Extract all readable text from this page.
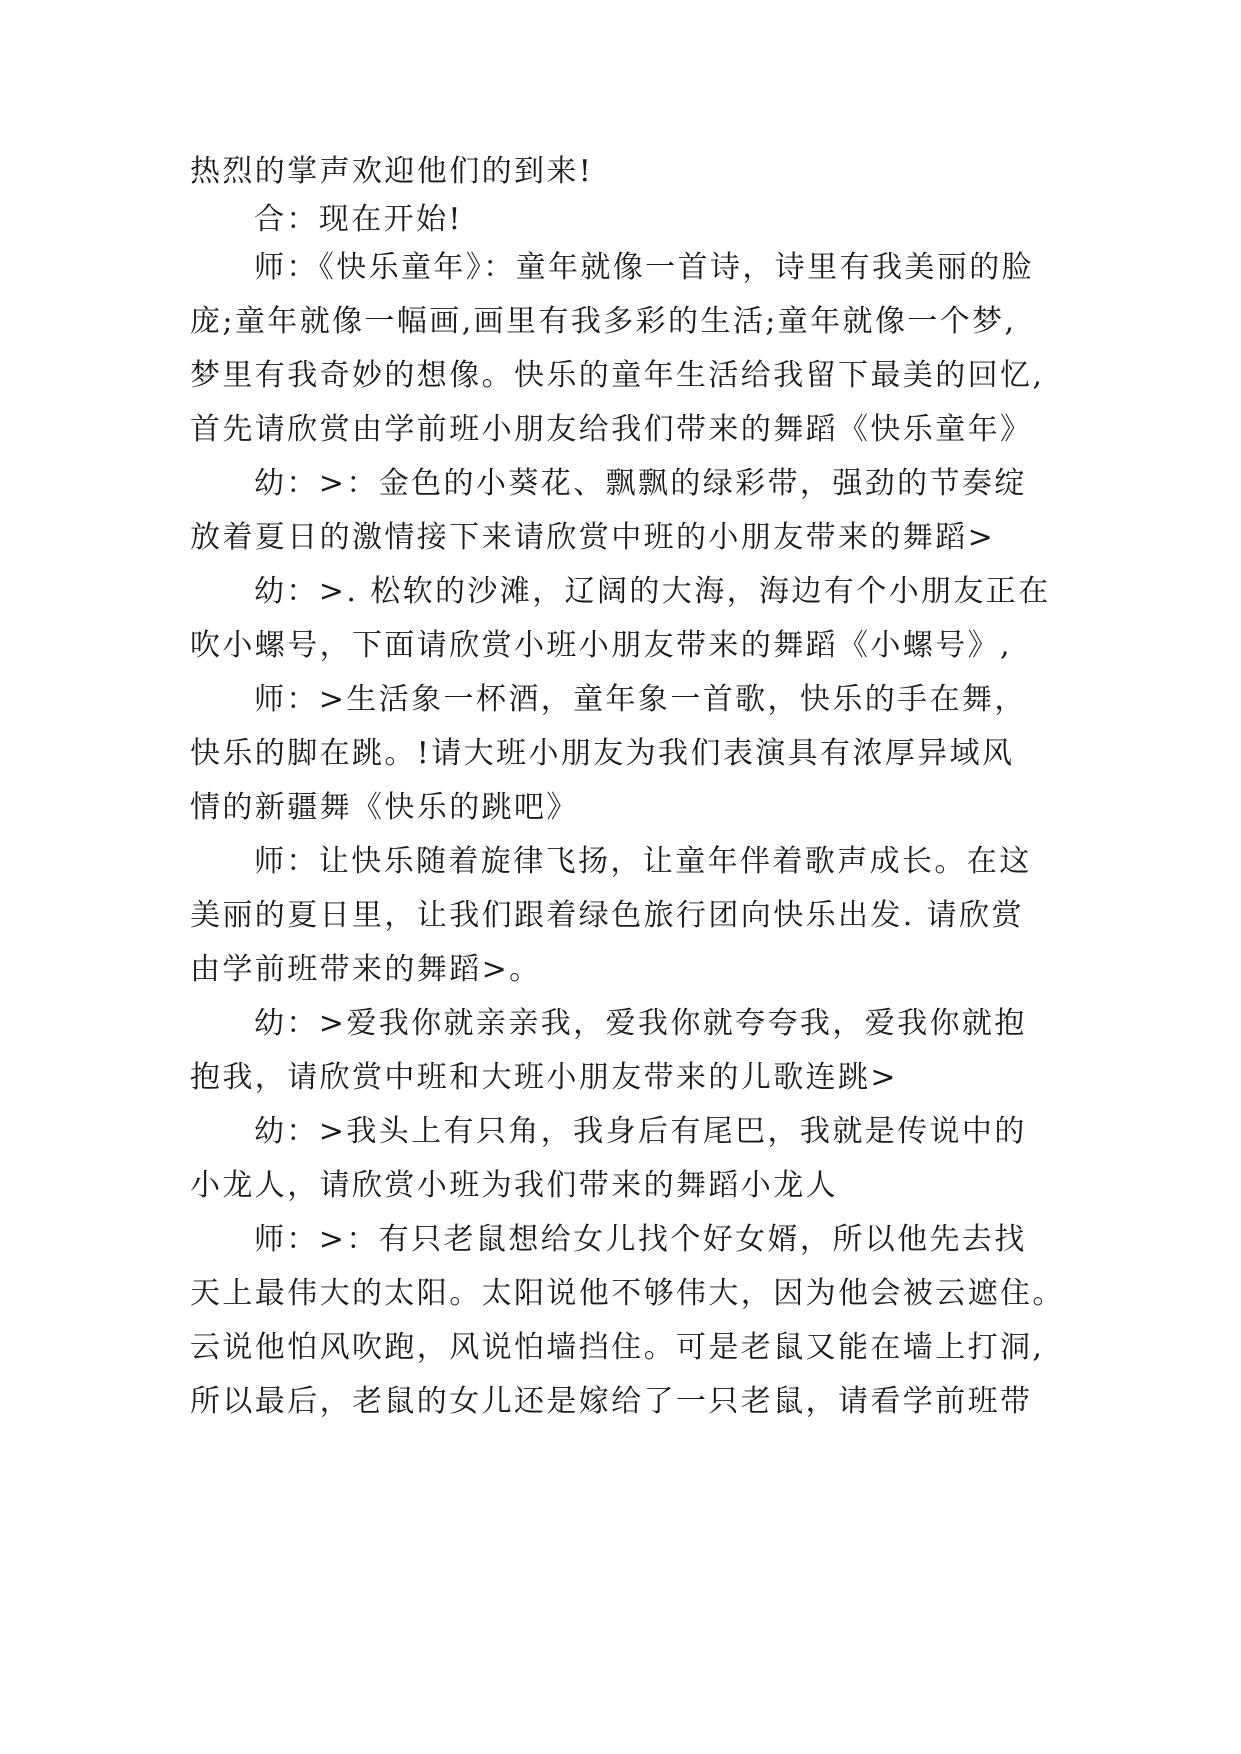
热烈的掌声欢迎他们的到来!
合：现在开始!
师：《快乐童年》：童年就像一首诗，诗里有我美丽的脸
庞;童年就像一幅画,画里有我多彩的生活;童年就像一个梦,
梦里有我奇妙的想像。快乐的童年生活给我留下最美的回忆,
首先请欣赏由学前班小朋友给我们带来的舞蹈《快乐童年》
幼：>：金色的小葵花、飘飘的绿彩带，强劲的节奏绽
放着夏日的激情接下来请欣赏中班的小朋友带来的舞蹈>
幼：>. 松软的沙滩，辽阔的大海，海边有个小朋友正在
吹小螺号，下面请欣赏小班小朋友带来的舞蹈《小螺号》,
师：>生活象一杯酒，童年象一首歌，快乐的手在舞，
快乐的脚在跳。!请大班小朋友为我们表演具有浓厚异域风
情的新疆舞《快乐的跳吧》
师：让快乐随着旋律飞扬，让童年伴着歌声成长。在这
美丽的夏日里，让我们跟着绿色旅行团向快乐出发. 请欣赏
由学前班带来的舞蹈>。
幼：>爱我你就亲亲我，爱我你就夸夸我，爱我你就抱
抱我，请欣赏中班和大班小朋友带来的儿歌连跳>
幼：>我头上有只角，我身后有尾巴，我就是传说中的
小龙人，请欣赏小班为我们带来的舞蹈小龙人
师：>：有只老鼠想给女儿找个好女婿，所以他先去找
天上最伟大的太阳。太阳说他不够伟大，因为他会被云遮住。
云说他怕风吹跑，风说怕墙挡住。可是老鼠又能在墙上打洞,
所以最后，老鼠的女儿还是嫁给了一只老鼠，请看学前班带
